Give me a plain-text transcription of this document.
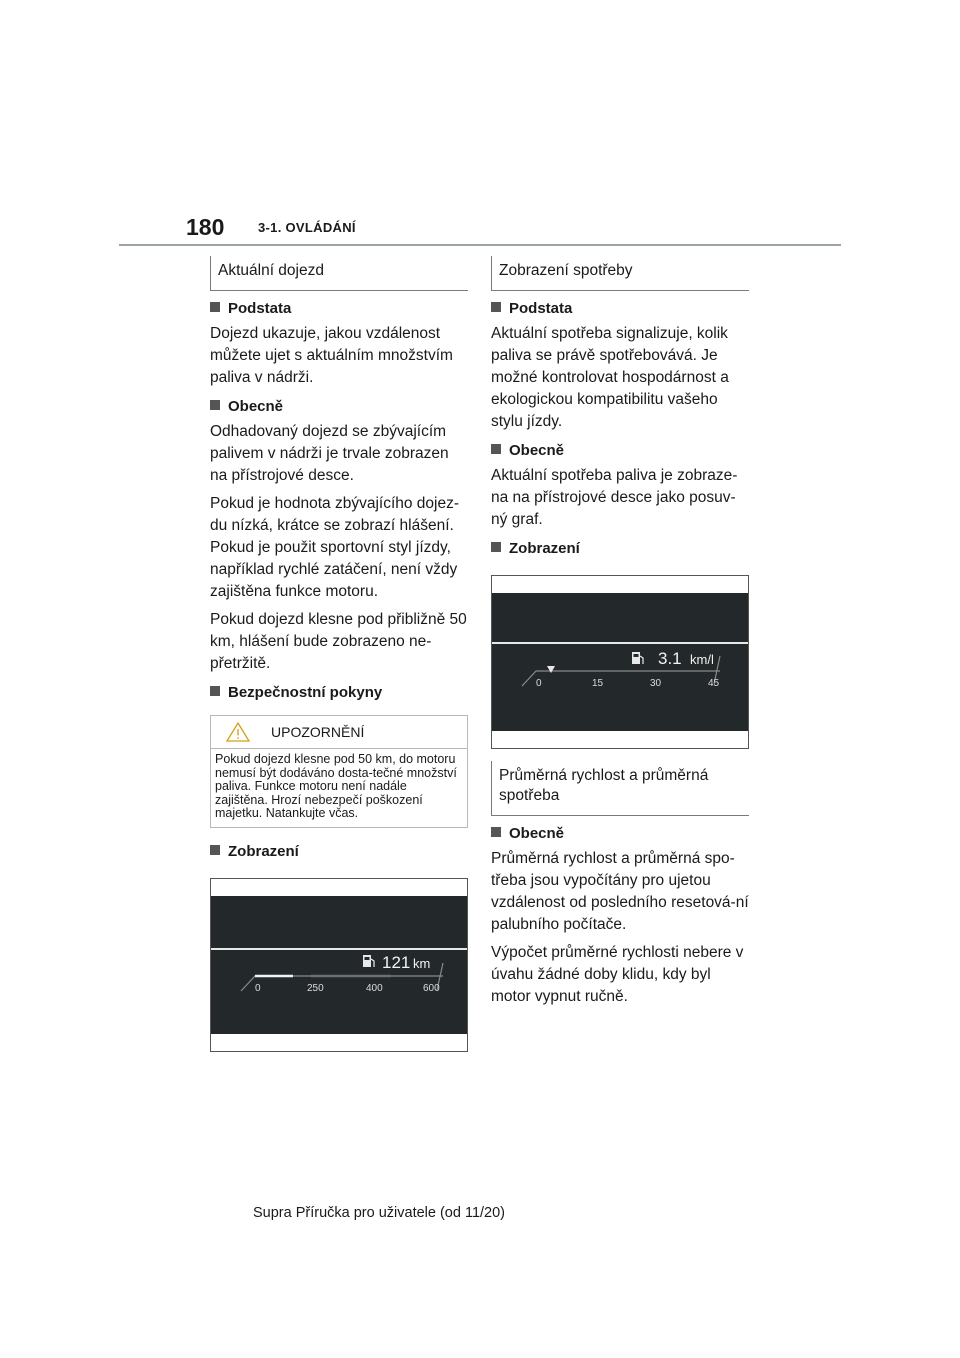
180	3-1. OVLÁDÁNÍ
Aktuální dojezd
Podstata

Dojezd ukazuje, jakou vzdálenost můžete ujet s aktuálním množstvím paliva v nádrži.

Obecně

Odhadovaný dojezd se zbývajícím palivem v nádrži je trvale zobrazen na přístrojové desce.

Pokud je hodnota zbývajícího dojez-du nízká, krátce se zobrazí hlášení. Pokud je použit sportovní styl jízdy, například rychlé zatáčení, není vždy zajištěna funkce motoru.

Pokud dojezd klesne pod přibližně 50 km, hlášení bude zobrazeno ne-přetržitě.

Bezpečnostní pokyny
UPOZORNĚNÍ
Pokud dojezd klesne pod 50 km, do motoru nemusí být dodáváno dosta-tečné množství paliva. Funkce motoru není nadále zajištěna. Hrozí nebezpečí poškození majetku. Natankujte včas.
Zobrazení
121 km
0	250	400	600
Zobrazení spotřeby
Podstata

Aktuální spotřeba signalizuje, kolik paliva se právě spotřebovává. Je možné kontrolovat hospodárnost a ekologickou kompatibilitu vašeho stylu jízdy.

Obecně

Aktuální spotřeba paliva je zobraze-na na přístrojové desce jako posuv-ný graf.

Zobrazení
3.1 km/l
0	15	30	45
Průměrná rychlost a průměrná spotřeba
Obecně

Průměrná rychlost a průměrná spo-třeba jsou vypočítány pro ujetou vzdálenost od posledního resetová-ní palubního počítače.

Výpočet průměrné rychlosti nebere v úvahu žádné doby klidu, kdy byl motor vypnut ručně.

Supra Příručka pro uživatele (od 11/20)
